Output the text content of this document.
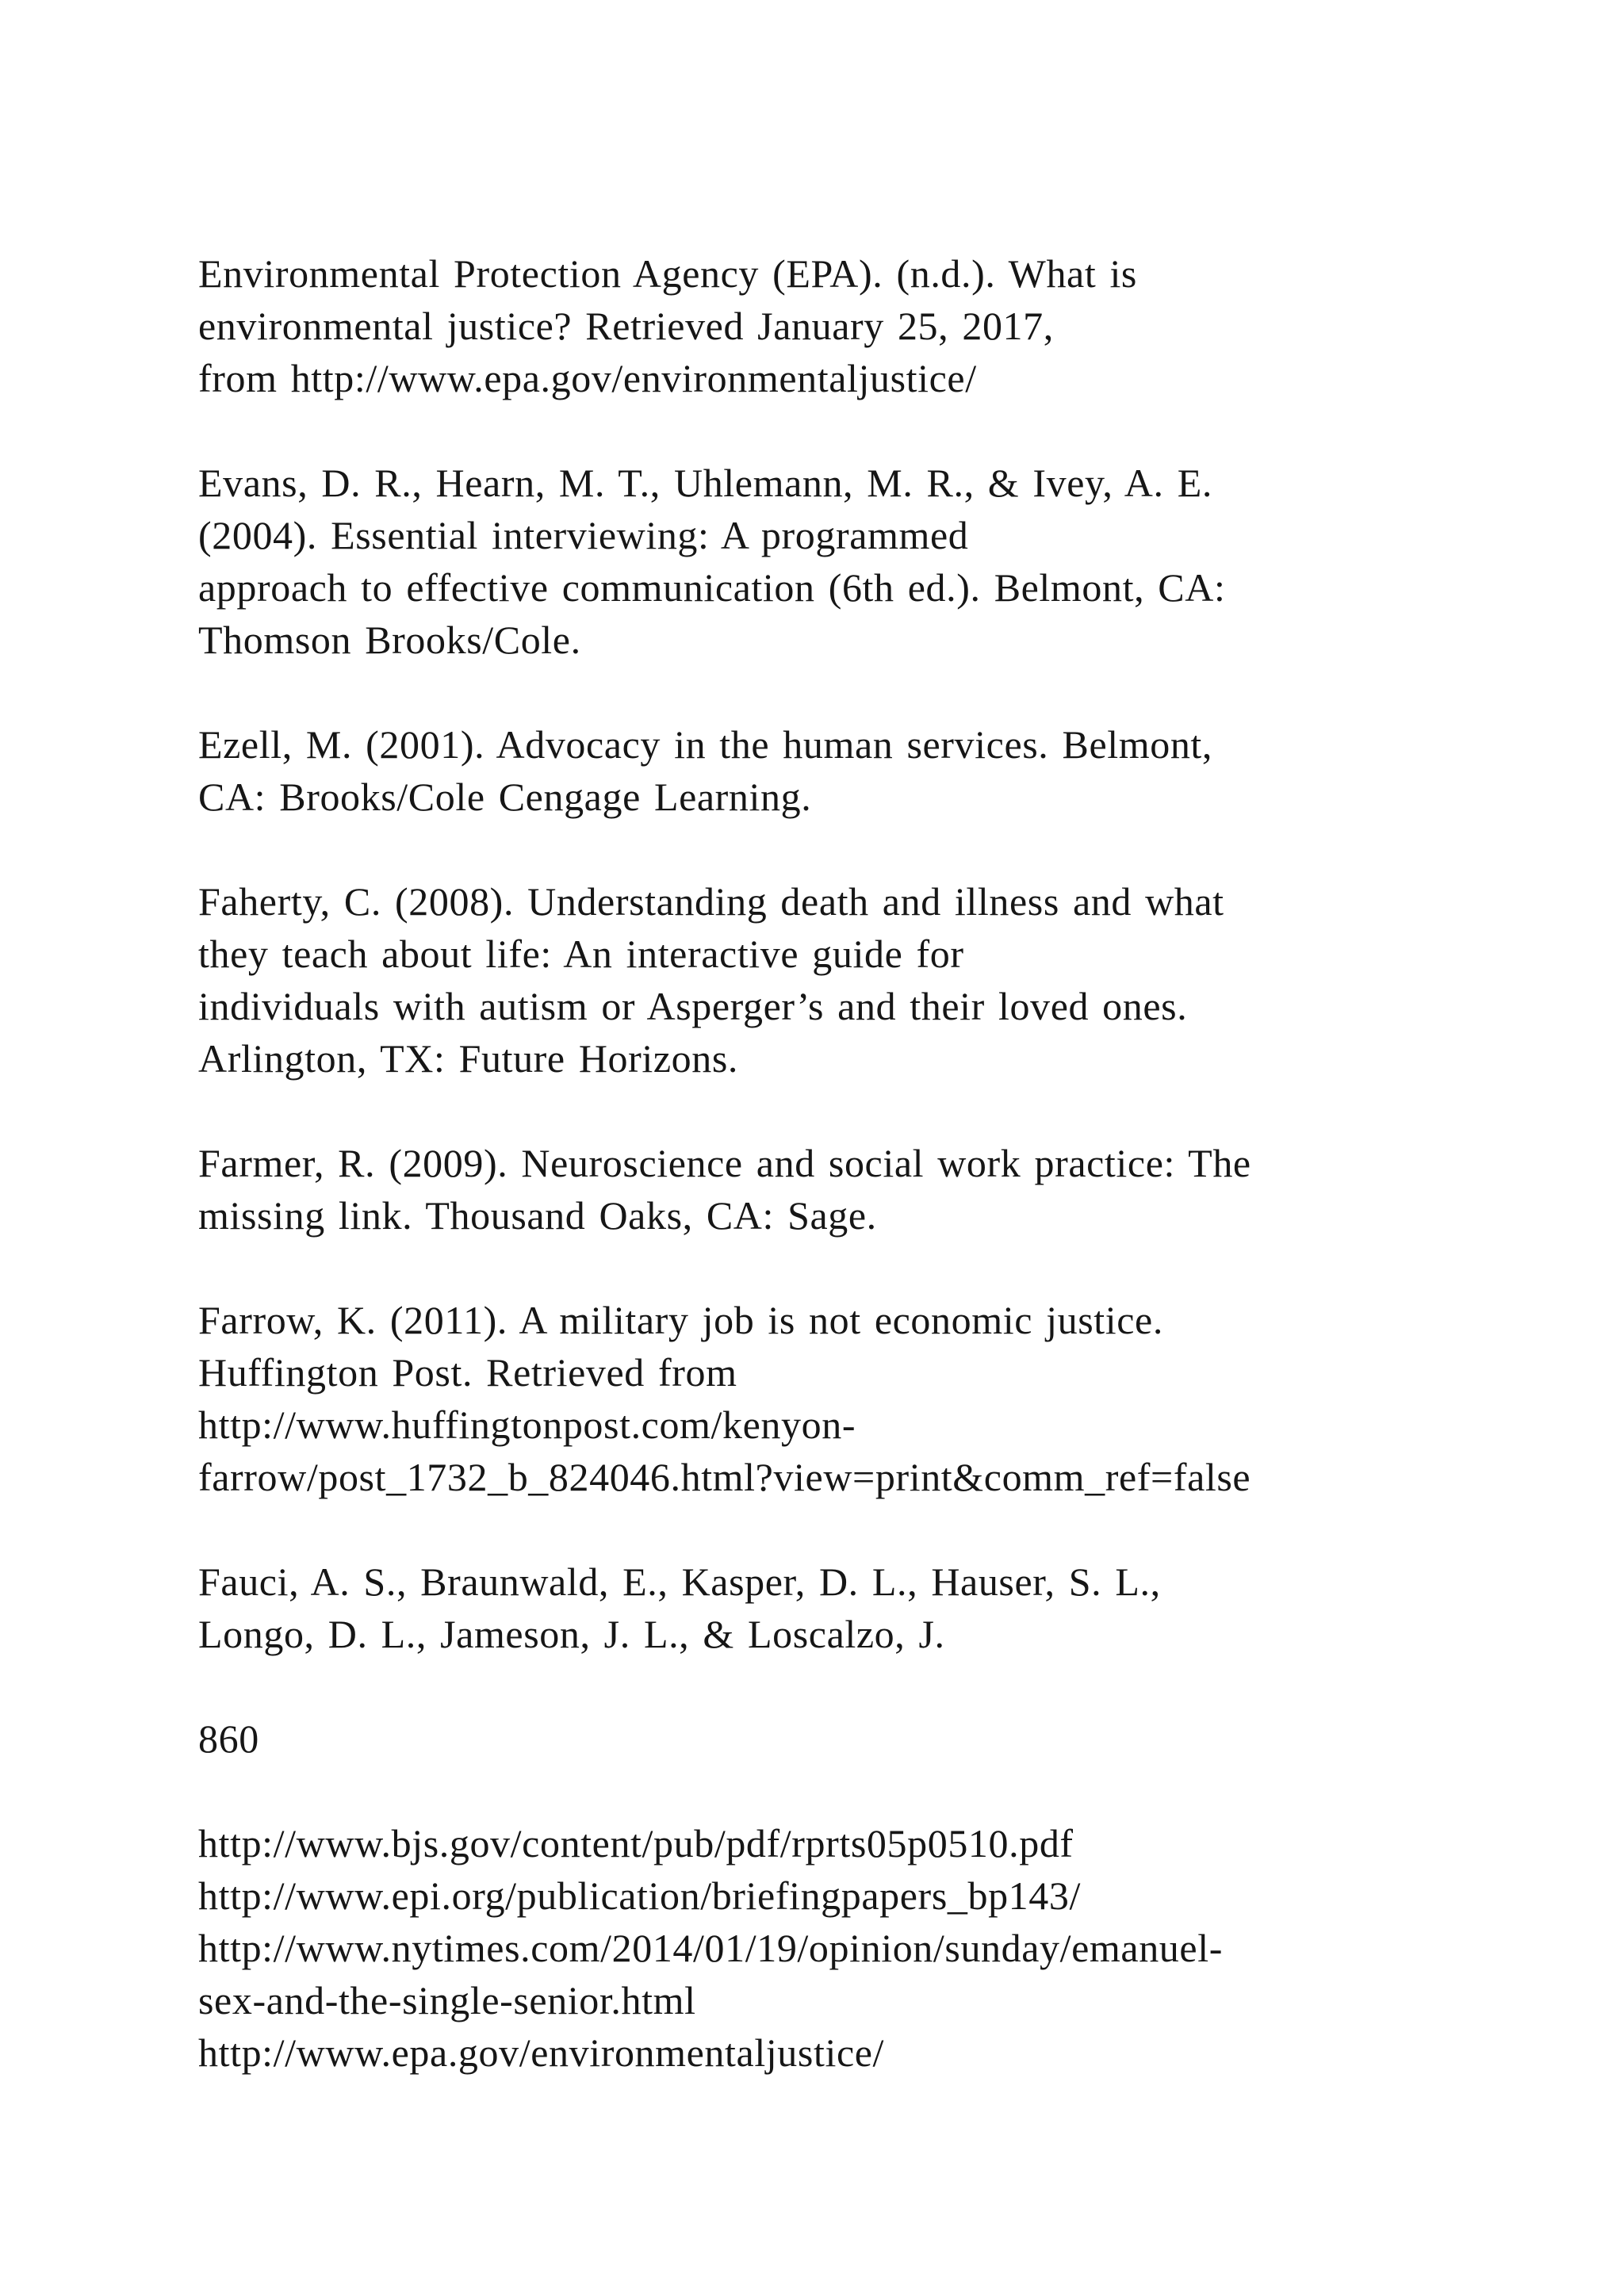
Environmental Protection Agency (EPA). (n.d.). What is
environmental justice? Retrieved January 25, 2017,
from http://www.epa.gov/environmentaljustice/
Evans, D. R., Hearn, M. T., Uhlemann, M. R., & Ivey, A. E.
(2004). Essential interviewing: A programmed
approach to effective communication (6th ed.). Belmont, CA:
Thomson Brooks/Cole.
Ezell, M. (2001). Advocacy in the human services. Belmont,
CA: Brooks/Cole Cengage Learning.
Faherty, C. (2008). Understanding death and illness and what
they teach about life: An interactive guide for
individuals with autism or Asperger’s and their loved ones.
Arlington, TX: Future Horizons.
Farmer, R. (2009). Neuroscience and social work practice: The
missing link. Thousand Oaks, CA: Sage.
Farrow, K. (2011). A military job is not economic justice.
Huffington Post. Retrieved from
http://www.huffingtonpost.com/kenyon-
farrow/post_1732_b_824046.html?view=print&comm_ref=false
Fauci, A. S., Braunwald, E., Kasper, D. L., Hauser, S. L.,
Longo, D. L., Jameson, J. L., & Loscalzo, J.
860
http://www.bjs.gov/content/pub/pdf/rprts05p0510.pdf
http://www.epi.org/publication/briefingpapers_bp143/
http://www.nytimes.com/2014/01/19/opinion/sunday/emanuel-
sex-and-the-single-senior.html
http://www.epa.gov/environmentaljustice/
